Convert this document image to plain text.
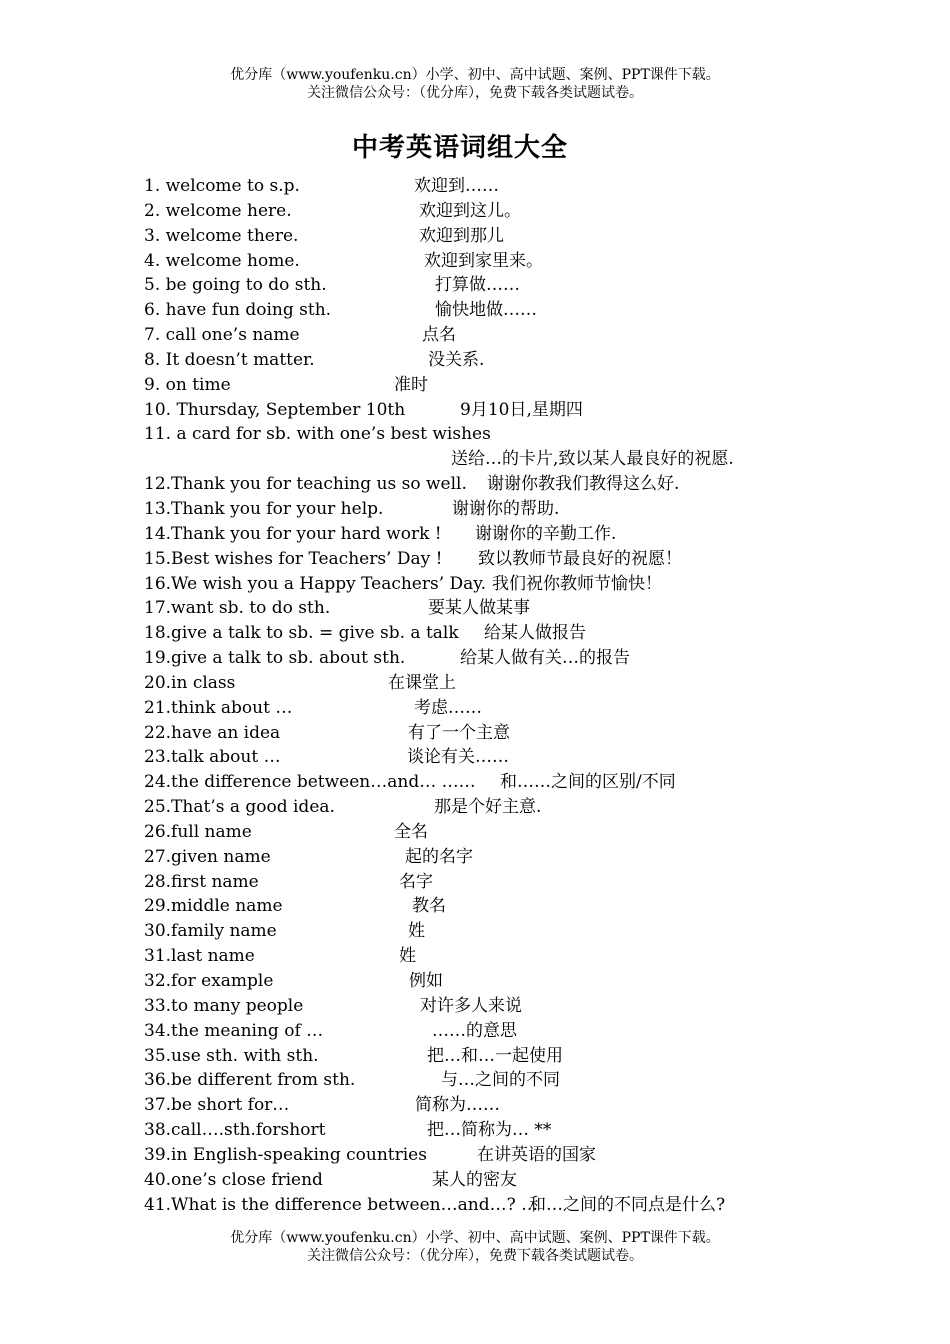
优分库（www.youfenku.cn）小学、初中、高中试题、案例、PPT课件下载。
关注微信公众号：（优分库），免费下载各类试题试卷。
中考英语词组大全
1. welcome to s.p.	欢迎到……
2. welcome here.	欢迎到这儿。
3. welcome there.	欢迎到那儿
4. welcome home.	欢迎到家里来。
5. be going to do sth.	打算做……
6. have fun doing sth.	愉快地做……
7. call one’s name	点名
8. It doesn’t matter.	没关系.
9. on time	准时
10. Thursday, September 10th	9月10日,星期四
11. a card for sb. with one’s best wishes
送给…的卡片,致以某人最良好的祝愿.
12.Thank you for teaching us so well. 谢谢你教我们教得这么好.
13.Thank you for your help.	谢谢你的帮助.
14.Thank you for your hard work ! 谢谢你的辛勤工作.
15.Best wishes for Teachers’ Day ! 致以教师节最良好的祝愿！
16.We wish you a Happy Teachers’ Day. 我们祝你教师节愉快！
17.want sb. to do sth.	要某人做某事
18.give a talk to sb. = give sb. a talk 给某人做报告
19.give a talk to sb. about sth.	给某人做有关…的报告
20.in class	在课堂上
21.think about …	考虑……
22.have an idea	有了一个主意
23.talk about …	谈论有关……
24.the difference between…and… …… 和……之间的区别/不同
25.That’s a good idea.	那是个好主意.
26.full name	全名
27.given name	起的名字
28.first name	名字
29.middle name	教名
30.family name	姓
31.last name	姓
32.for example	例如
33.to many people	对许多人来说
34.the meaning of …	……的意思
35.use sth. with sth.	把…和…一起使用
36.be different from sth.	与…之间的不同
37.be short for…	简称为……
38.call….sth.forshort	把…简称为… **
39.in English-speaking countries	在讲英语的国家
40.one’s close friend	某人的密友
41.What is the difference between…and…? …
和…之间的不同点是什么?
优分库（www.youfenku.cn）小学、初中、高中试题、案例、PPT课件下载。
关注微信公众号：（优分库），免费下载各类试题试卷。
